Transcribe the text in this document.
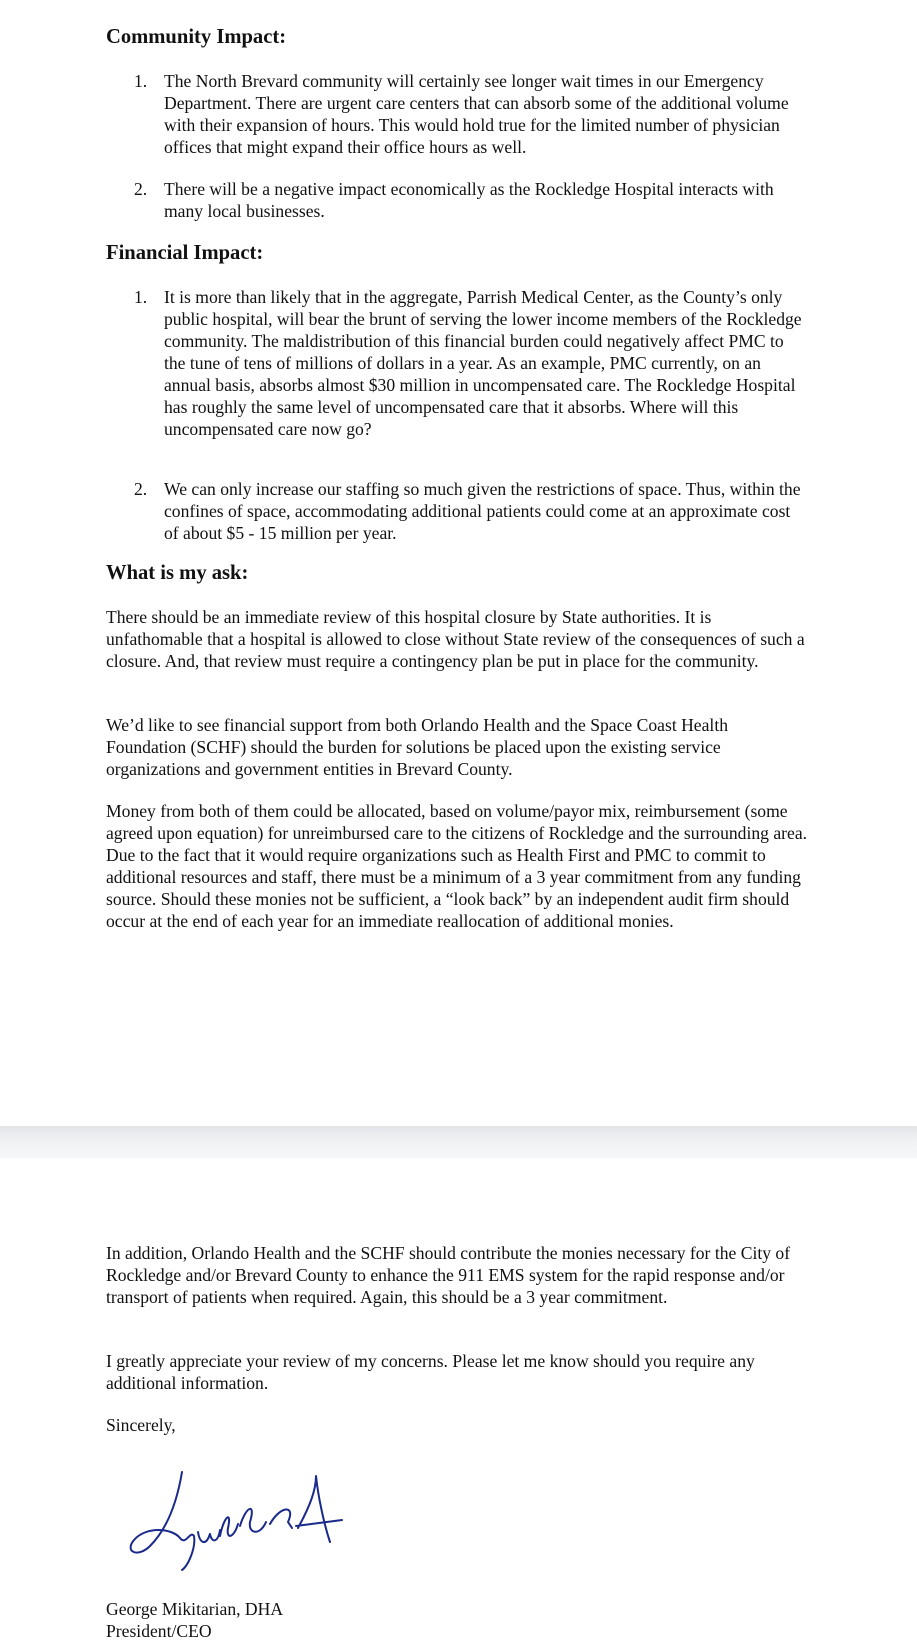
Community Impact:
1. The North Brevard community will certainly see longer wait times in our Emergency Department. There are urgent care centers that can absorb some of the additional volume with their expansion of hours. This would hold true for the limited number of physician offices that might expand their office hours as well.
2. There will be a negative impact economically as the Rockledge Hospital interacts with many local businesses.
Financial Impact:
1. It is more than likely that in the aggregate, Parrish Medical Center, as the County’s only public hospital, will bear the brunt of serving the lower income members of the Rockledge community. The maldistribution of this financial burden could negatively affect PMC to the tune of tens of millions of dollars in a year. As an example, PMC currently, on an annual basis, absorbs almost $30 million in uncompensated care. The Rockledge Hospital has roughly the same level of uncompensated care that it absorbs. Where will this uncompensated care now go?
2. We can only increase our staffing so much given the restrictions of space. Thus, within the confines of space, accommodating additional patients could come at an approximate cost of about $5 - 15 million per year.
What is my ask:

There should be an immediate review of this hospital closure by State authorities. It is unfathomable that a hospital is allowed to close without State review of the consequences of such a closure. And, that review must require a contingency plan be put in place for the community.

We’d like to see financial support from both Orlando Health and the Space Coast Health Foundation (SCHF) should the burden for solutions be placed upon the existing service organizations and government entities in Brevard County.

Money from both of them could be allocated, based on volume/payor mix, reimbursement (some agreed upon equation) for unreimbursed care to the citizens of Rockledge and the surrounding area. Due to the fact that it would require organizations such as Health First and PMC to commit to additional resources and staff, there must be a minimum of a 3 year commitment from any funding source. Should these monies not be sufficient, a “look back” by an independent audit firm should occur at the end of each year for an immediate reallocation of additional monies.

In addition, Orlando Health and the SCHF should contribute the monies necessary for the City of Rockledge and/or Brevard County to enhance the 911 EMS system for the rapid response and/or transport of patients when required. Again, this should be a 3 year commitment.

I greatly appreciate your review of my concerns. Please let me know should you require any additional information.

Sincerely,

George Mikitarian, DHA

President/CEO
